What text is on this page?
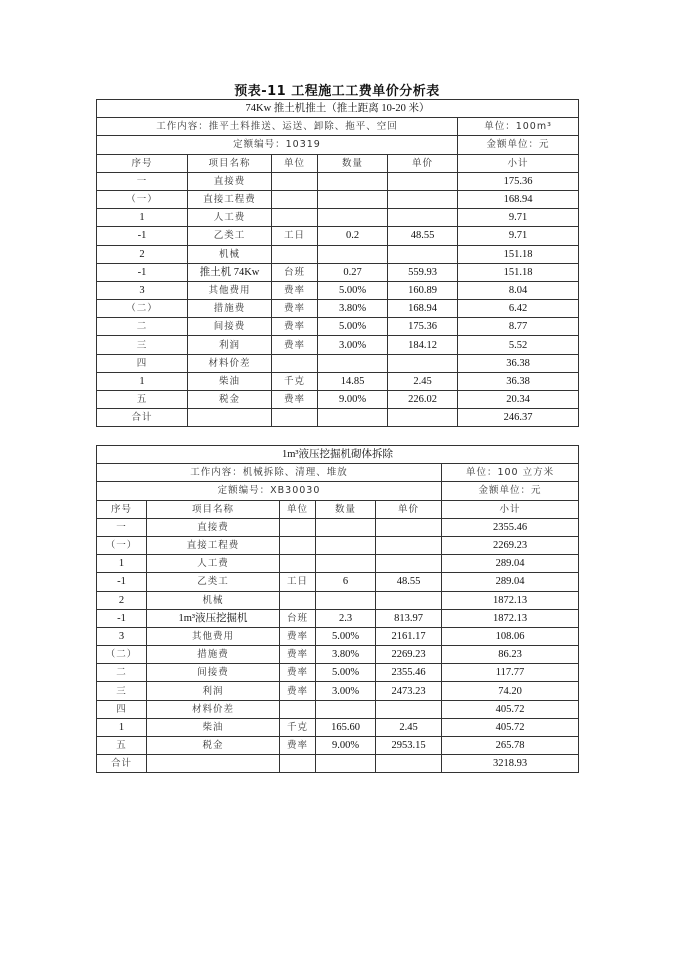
预表-11 工程施工工费单价分析表
74Kw 推土机推土（推土距离 10-20 米）					
工作内容：推平土料推送、运送、卸除、拖平、空回					单位：100m³
定额编号：10319					金额单位：元
序号	项目名称	单位	数量	单价	小计
一	直接费				175.36
（一）	直接工程费				168.94
1	人工费				9.71
-1	乙类工	工日	0.2	48.55	9.71
2	机械				151.18
-1	推土机 74Kw	台班	0.27	559.93	151.18
3	其他费用	费率	5.00%	160.89	8.04
（二）	措施费	费率	3.80%	168.94	6.42
二	间接费	费率	5.00%	175.36	8.77
三	利润	费率	3.00%	184.12	5.52
四	材料价差				36.38
1	柴油	千克	14.85	2.45	36.38
五	税金	费率	9.00%	226.02	20.34
合计					246.37
1m³液压挖掘机砌体拆除					
工作内容：机械拆除、清理、堆放					单位：100 立方米
定额编号：XB30030					金额单位：元
序号	项目名称	单位	数量	单价	小计
一	直接费				2355.46
（一）	直接工程费				2269.23
1	人工费				289.04
-1	乙类工	工日	6	48.55	289.04
2	机械				1872.13
-1	1m³液压挖掘机	台班	2.3	813.97	1872.13
3	其他费用	费率	5.00%	2161.17	108.06
（二）	措施费	费率	3.80%	2269.23	86.23
二	间接费	费率	5.00%	2355.46	117.77
三	利润	费率	3.00%	2473.23	74.20
四	材料价差				405.72
1	柴油	千克	165.60	2.45	405.72
五	税金	费率	9.00%	2953.15	265.78
合计					3218.93
